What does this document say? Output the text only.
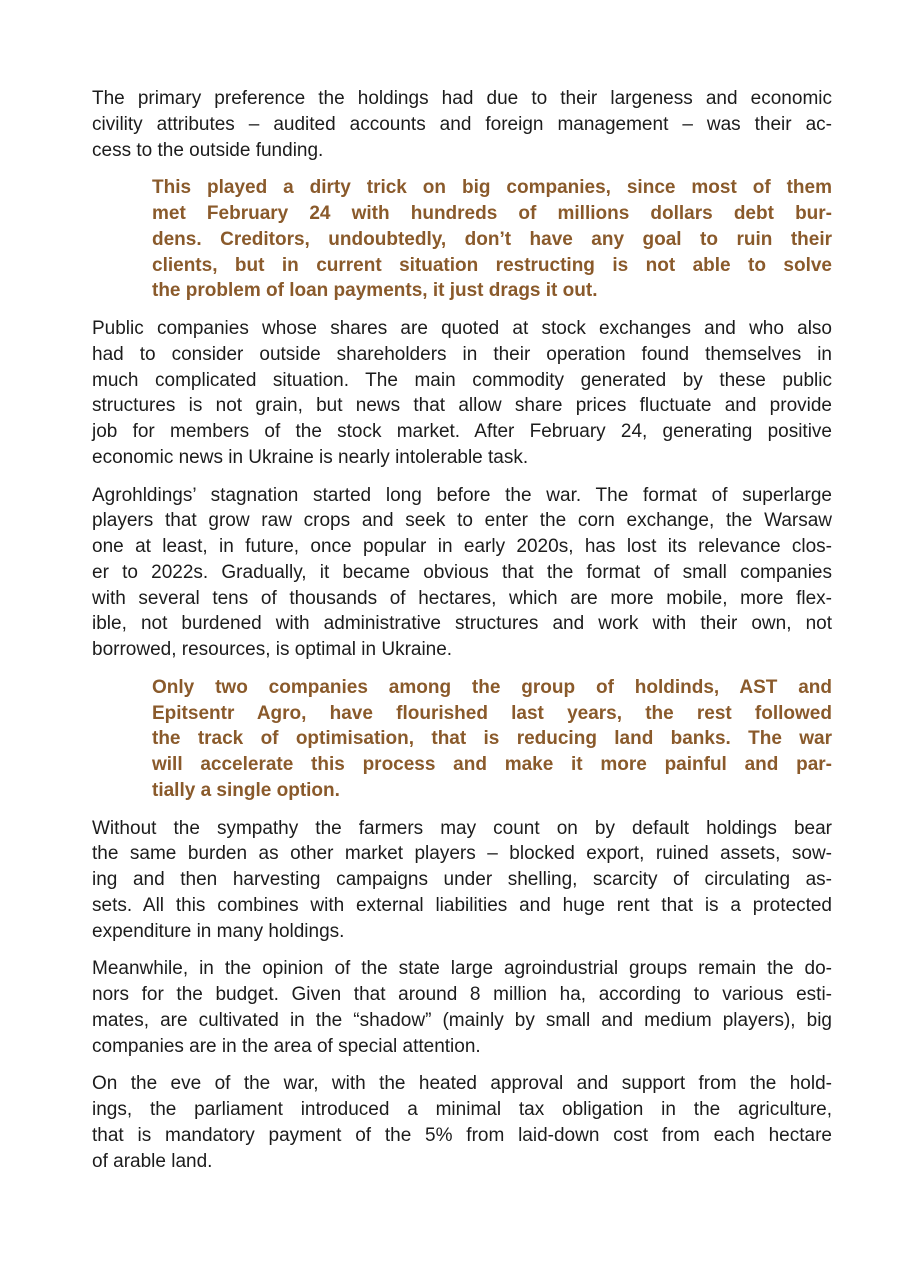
The primary preference the holdings had due to their largeness and economic
civility attributes – audited accounts and foreign management – was their ac-
cess to the outside funding.

This played a dirty trick on big companies, since most of them
met February 24 with hundreds of millions dollars debt bur-
dens. Creditors, undoubtedly, don’t have any goal to ruin their
clients, but in current situation restructing is not able to solve
the problem of loan payments, it just drags it out.

Public companies whose shares are quoted at stock exchanges and who also
had to consider outside shareholders in their operation found themselves in
much complicated situation. The main commodity generated by these public
structures is not grain, but news that allow share prices fluctuate and provide
job for members of the stock market. After February 24, generating positive
economic news in Ukraine is nearly intolerable task.

Agrohldings’ stagnation started long before the war. The format of superlarge
players that grow raw crops and seek to enter the corn exchange, the Warsaw
one at least, in future, once popular in early 2020s, has lost its relevance clos-
er to 2022s. Gradually, it became obvious that the format of small companies
with several tens of thousands of hectares, which are more mobile, more flex-
ible, not burdened with administrative structures and work with their own, not
borrowed, resources, is optimal in Ukraine.

Only two companies among the group of holdinds, AST and
Epitsentr Agro, have flourished last years, the rest followed
the track of optimisation, that is reducing land banks. The war
will accelerate this process and make it more painful and par-
tially a single option.

Without the sympathy the farmers may count on by default holdings bear
the same burden as other market players – blocked export, ruined assets, sow-
ing and then harvesting campaigns under shelling, scarcity of circulating as-
sets. All this combines with external liabilities and huge rent that is a protected
expenditure in many holdings.

Meanwhile, in the opinion of the state large agroindustrial groups remain the do-
nors for the budget. Given that around 8 million ha, according to various esti-
mates, are cultivated in the “shadow” (mainly by small and medium players), big
companies are in the area of special attention.

On the eve of the war, with the heated approval and support from the hold-
ings, the parliament introduced a minimal tax obligation in the agriculture,
that is mandatory payment of the 5% from laid-down cost from each hectare
of arable land.
